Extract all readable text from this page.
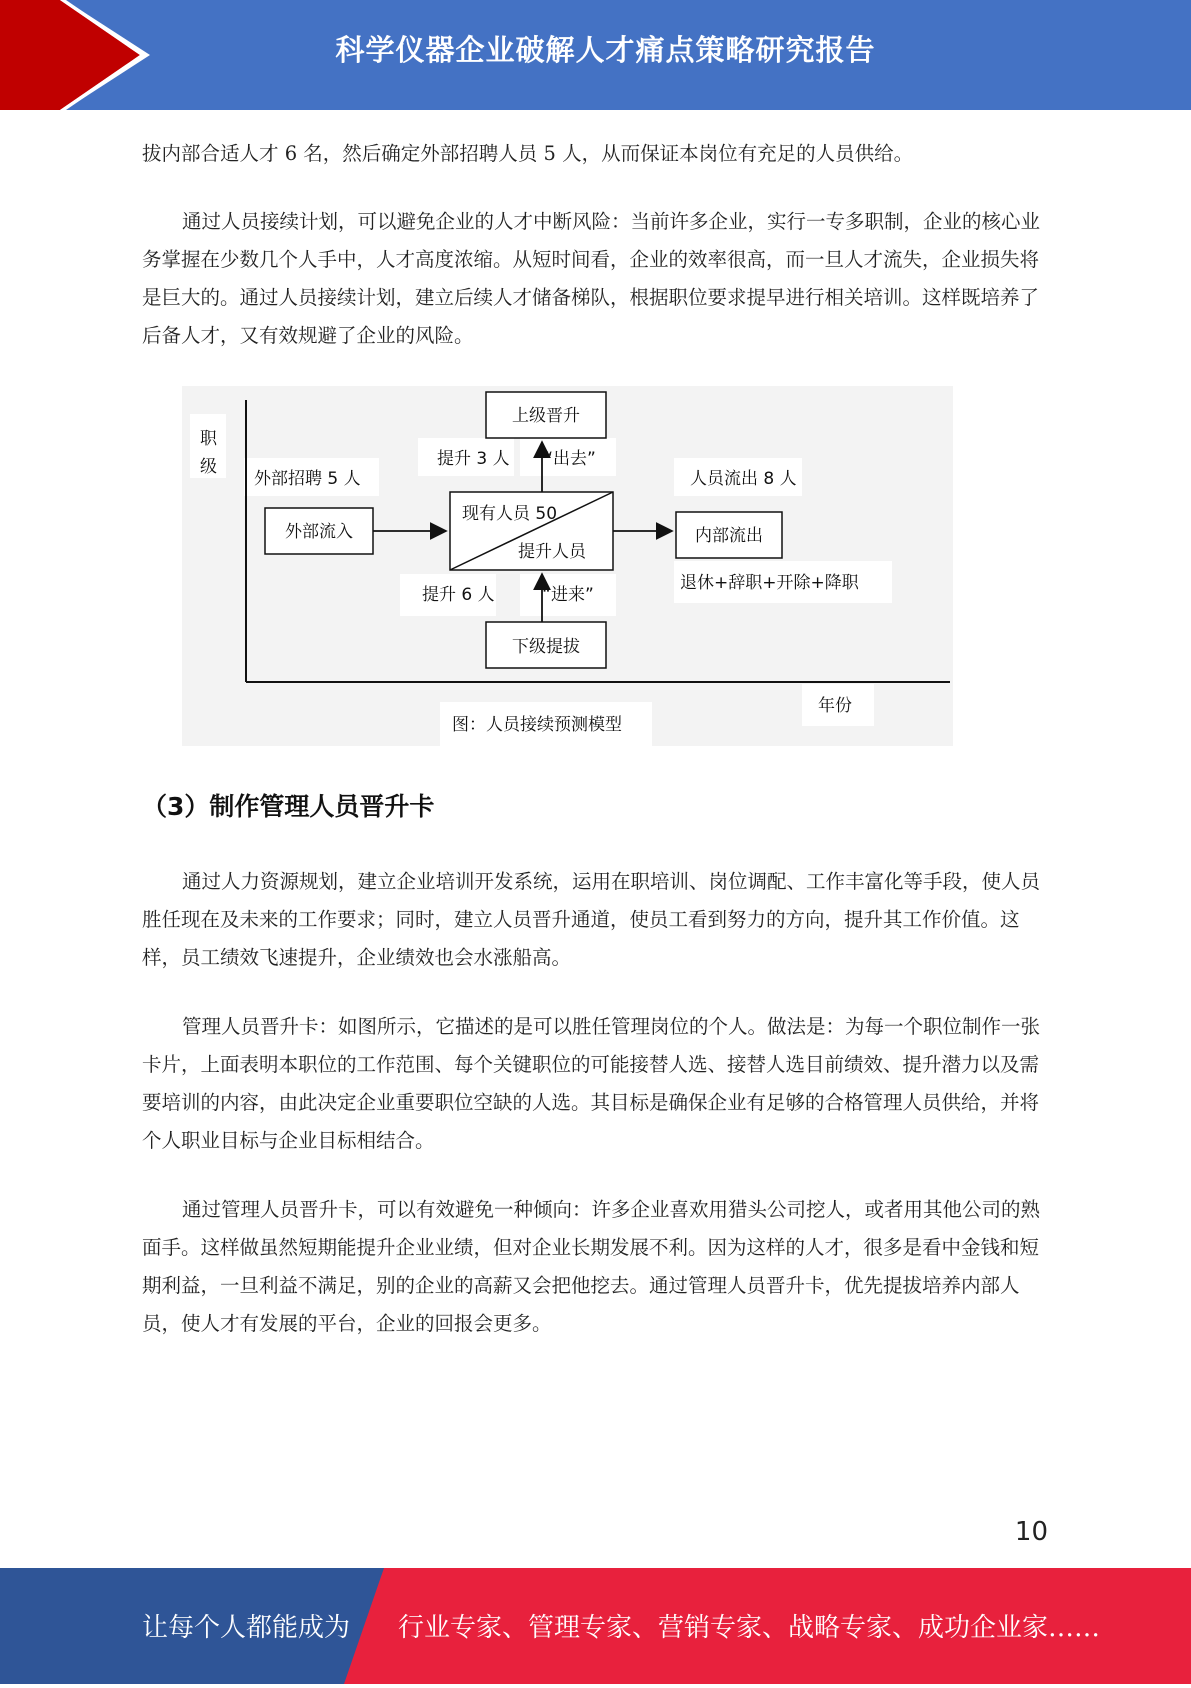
科学仪器企业破解人才痛点策略研究报告

拔内部合适人才 6 名，然后确定外部招聘人员 5 人，从而保证本岗位有充足的人员供给。

通过人员接续计划，可以避免企业的人才中断风险：当前许多企业，实行一专多职制，企业的核心业务掌握在少数几个人手中，人才高度浓缩。从短时间看，企业的效率很高，而一旦人才流失，企业损失将是巨大的。通过人员接续计划，建立后续人才储备梯队，根据职位要求提早进行相关培训。这样既培养了后备人才，又有效规避了企业的风险。

职
级
上级晋升
提升 3 人 “出去”
外部招聘 5 人	人员流出 8 人
外部流入
现有人员 50
提升人员
内部流出
退休+辞职+开除+降职
提升 6 人	“进来”
下级提拔
年份
图：人员接续预测模型
（3）制作管理人员晋升卡

通过人力资源规划，建立企业培训开发系统，运用在职培训、岗位调配、工作丰富化等手段，使人员胜任现在及未来的工作要求；同时，建立人员晋升通道，使员工看到努力的方向，提升其工作价值。这样，员工绩效飞速提升，企业绩效也会水涨船高。

管理人员晋升卡：如图所示，它描述的是可以胜任管理岗位的个人。做法是：为每一个职位制作一张卡片，上面表明本职位的工作范围、每个关键职位的可能接替人选、接替人选目前绩效、提升潜力以及需要培训的内容，由此决定企业重要职位空缺的人选。其目标是确保企业有足够的合格管理人员供给，并将个人职业目标与企业目标相结合。

通过管理人员晋升卡，可以有效避免一种倾向：许多企业喜欢用猎头公司挖人，或者用其他公司的熟面手。这样做虽然短期能提升企业业绩，但对企业长期发展不利。因为这样的人才，很多是看中金钱和短期利益，一旦利益不满足，别的企业的高薪又会把他挖去。通过管理人员晋升卡，优先提拔培养内部人员，使人才有发展的平台，企业的回报会更多。

10
让每个人都能成为 行业专家、管理专家、营销专家、战略专家、成功企业家……
